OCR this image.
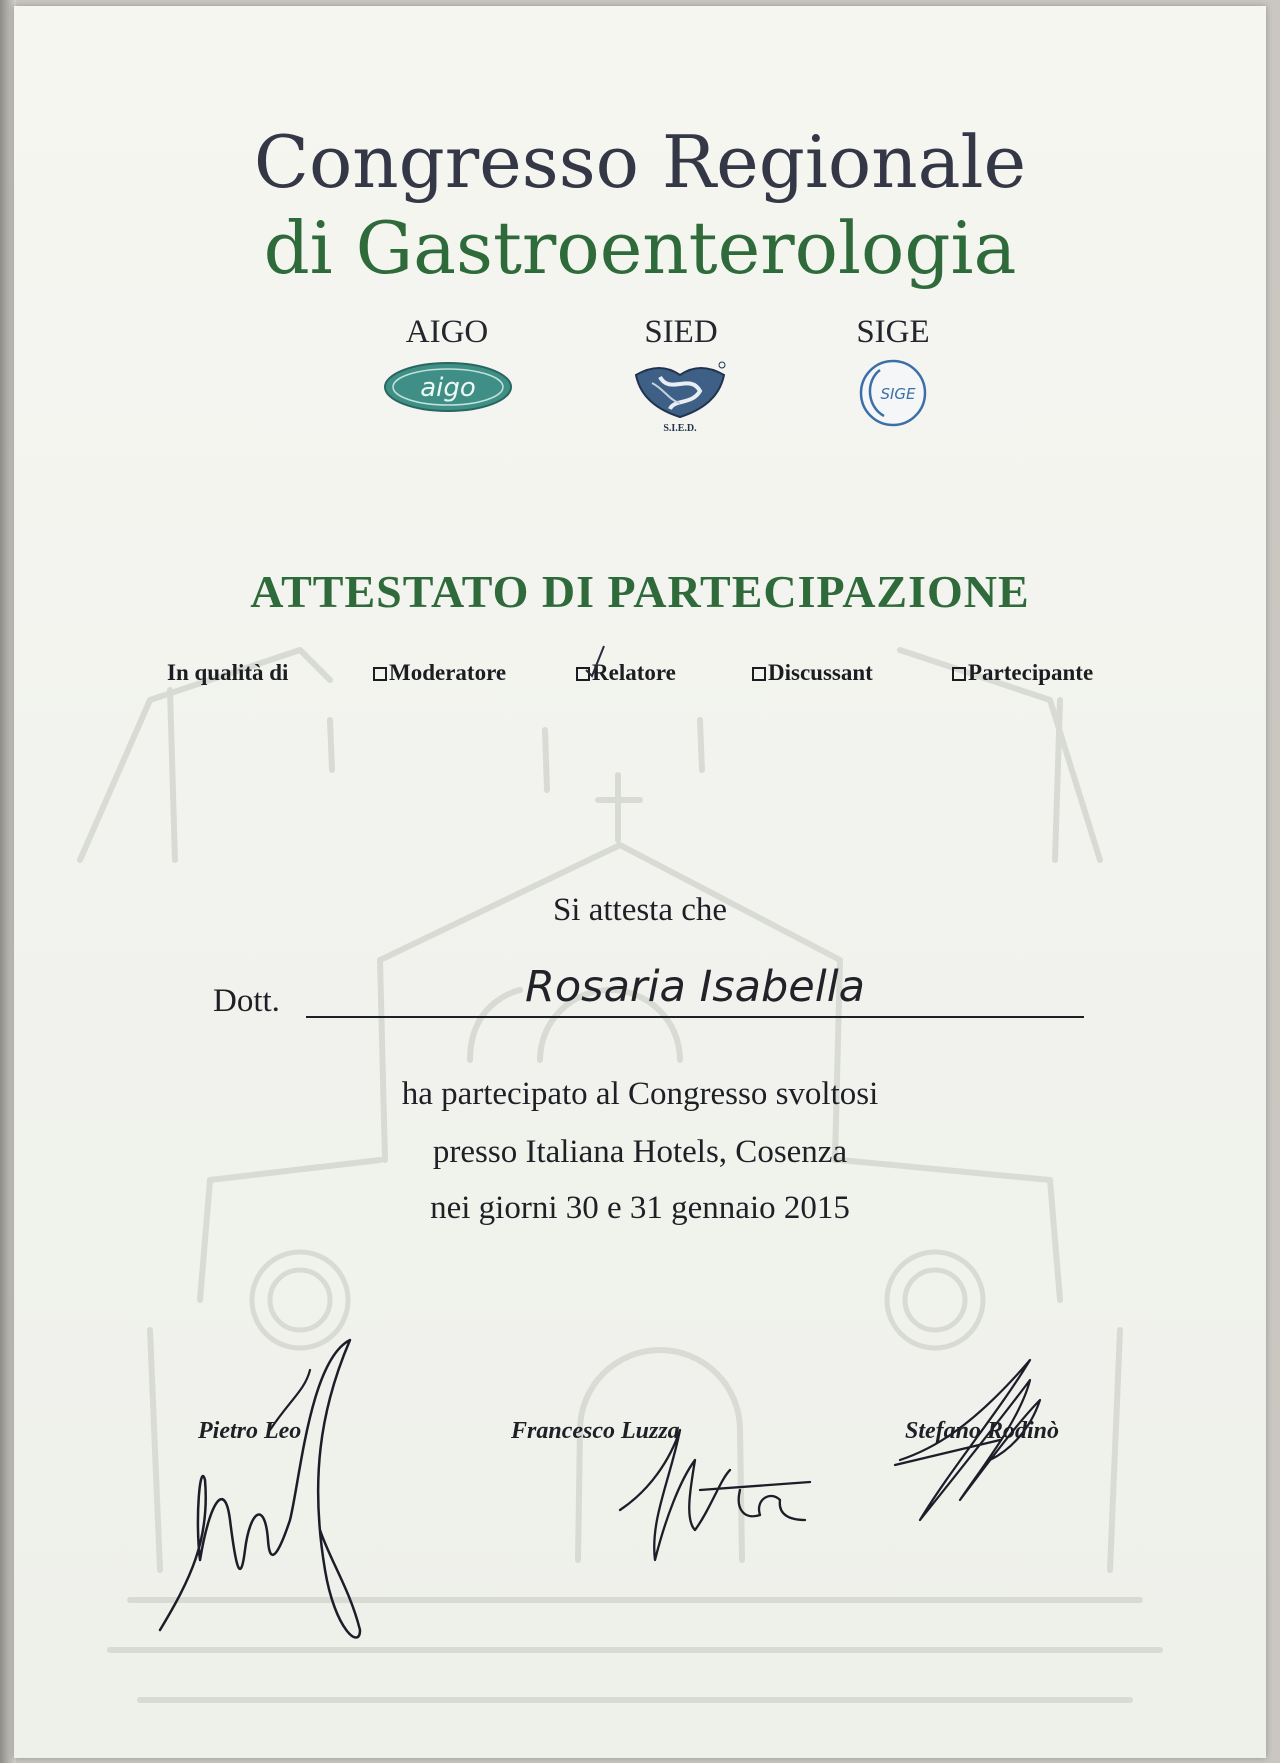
Congresso Regionale
di Gastroenterologia
AIGO	SIED	SIGE
aigo
S.I.E.D.
SIGE
ATTESTATO DI PARTECIPAZIONE
In qualità di	Moderatore	Relatore	Discussant	Partecipante
Si attesta che
Dott.	Rosaria Isabella
ha partecipato al Congresso svoltosi
presso Italiana Hotels, Cosenza
nei giorni 30 e 31 gennaio 2015
Pietro Leo	Francesco Luzza	Stefano Rodinò
